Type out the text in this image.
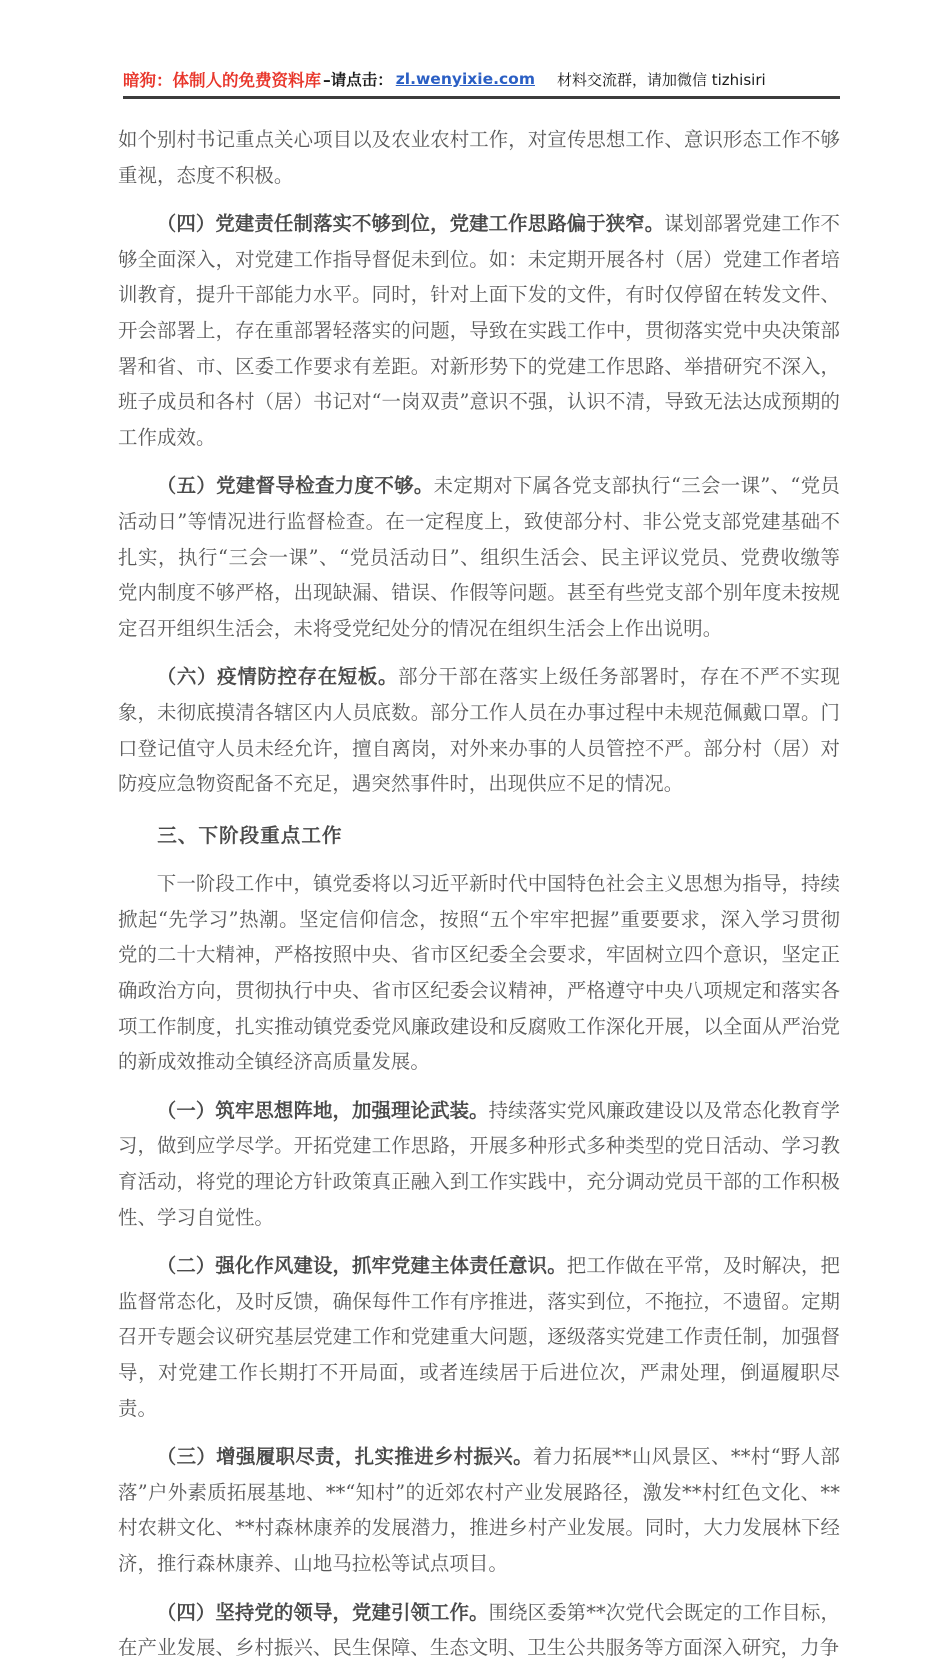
暗狗：体制人的免费资料库 –请点击： zl.wenyixie.com 材料交流群，请加微信 tizhisiri

如个别村书记重点关心项目以及农业农村工作，对宣传思想工作、意识形态工作不够重视，态度不积极。

（四）党建责任制落实不够到位，党建工作思路偏于狭窄。谋划部署党建工作不够全面深入，对党建工作指导督促未到位。如：未定期开展各村（居）党建工作者培训教育，提升干部能力水平。同时，针对上面下发的文件，有时仅停留在转发文件、开会部署上，存在重部署轻落实的问题，导致在实践工作中，贯彻落实党中央决策部署和省、市、区委工作要求有差距。对新形势下的党建工作思路、举措研究不深入，班子成员和各村（居）书记对“一岗双责”意识不强，认识不清，导致无法达成预期的工作成效。

（五）党建督导检查力度不够。未定期对下属各党支部执行“三会一课”、“党员活动日”等情况进行监督检查。在一定程度上，致使部分村、非公党支部党建基础不扎实，执行“三会一课”、“党员活动日”、组织生活会、民主评议党员、党费收缴等党内制度不够严格，出现缺漏、错误、作假等问题。甚至有些党支部个别年度未按规定召开组织生活会，未将受党纪处分的情况在组织生活会上作出说明。

（六）疫情防控存在短板。部分干部在落实上级任务部署时，存在不严不实现象，未彻底摸清各辖区内人员底数。部分工作人员在办事过程中未规范佩戴口罩。门口登记值守人员未经允许，擅自离岗，对外来办事的人员管控不严。部分村（居）对防疫应急物资配备不充足，遇突然事件时，出现供应不足的情况。

三、下阶段重点工作

下一阶段工作中，镇党委将以习近平新时代中国特色社会主义思想为指导，持续掀起“先学习”热潮。坚定信仰信念，按照“五个牢牢把握”重要要求，深入学习贯彻党的二十大精神，严格按照中央、省市区纪委全会要求，牢固树立四个意识，坚定正确政治方向，贯彻执行中央、省市区纪委会议精神，严格遵守中央八项规定和落实各项工作制度，扎实推动镇党委党风廉政建设和反腐败工作深化开展，以全面从严治党的新成效推动全镇经济高质量发展。

（一）筑牢思想阵地，加强理论武装。持续落实党风廉政建设以及常态化教育学习，做到应学尽学。开拓党建工作思路，开展多种形式多种类型的党日活动、学习教育活动，将党的理论方针政策真正融入到工作实践中，充分调动党员干部的工作积极性、学习自觉性。

（二）强化作风建设，抓牢党建主体责任意识。把工作做在平常，及时解决，把监督常态化，及时反馈，确保每件工作有序推进，落实到位，不拖拉，不遗留。定期召开专题会议研究基层党建工作和党建重大问题，逐级落实党建工作责任制，加强督导，对党建工作长期打不开局面，或者连续居于后进位次，严肃处理，倒逼履职尽责。

（三）增强履职尽责，扎实推进乡村振兴。着力拓展**山风景区、**村“野人部落”户外素质拓展基地、**“知村”的近郊农村产业发展路径，激发**村红色文化、**村农耕文化、**村森林康养的发展潜力，推进乡村产业发展。同时，大力发展林下经济，推行森林康养、山地马拉松等试点项目。

（四）坚持党的领导，党建引领工作。围绕区委第**次党代会既定的工作目标，在产业发展、乡村振兴、民生保障、生态文明、卫生公共服务等方面深入研究，力争
